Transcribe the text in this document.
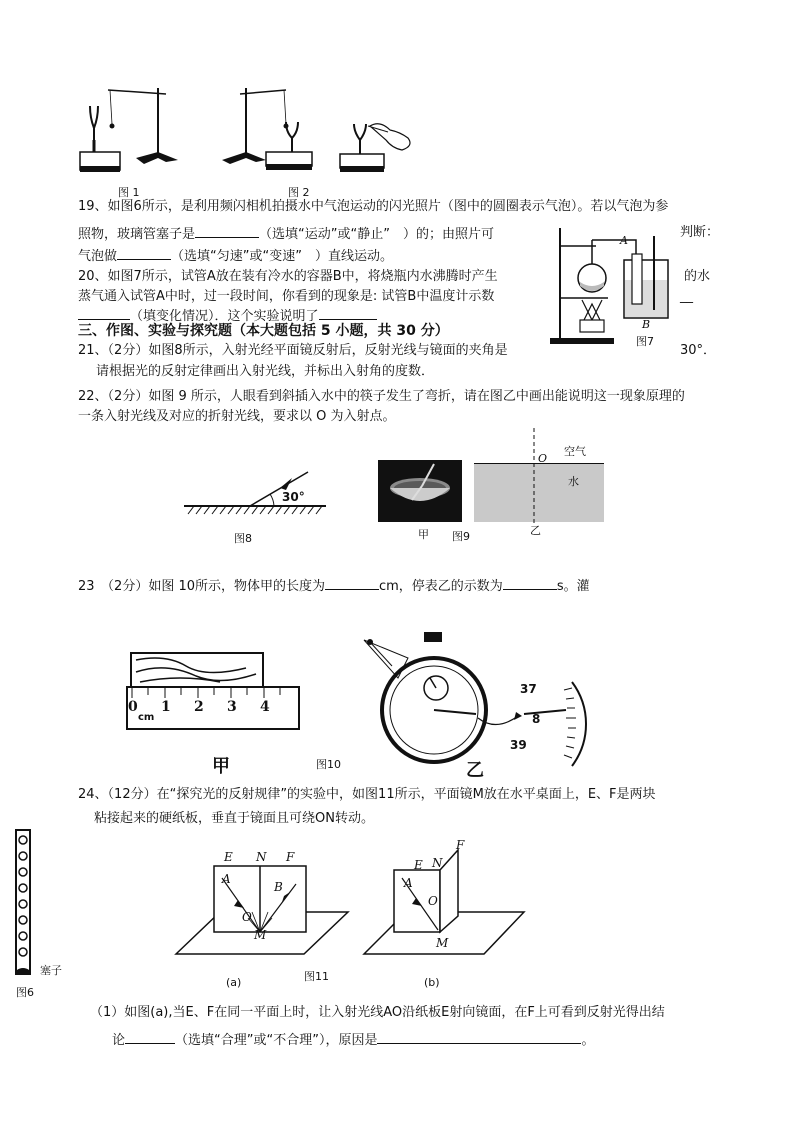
图 1	图 2
19、如图6所示，是利用频闪相机拍摄水中气泡运动的闪光照片（图中的圆圈表示气泡）。若以气泡为参
照物，玻璃管塞子是	（选填“运动”或“静止”　）的；由照片可	判断：
气泡做	（选填“匀速”或“变速”　）直线运动。
A
B
图7
20、如图7所示，试管A放在装有冷水的容器B中，将烧瓶内水沸腾时产生	的水
蒸气通入试管A中时，过一段时间，你看到的现象是: 试管B中温度计示数	__
（填变化情况）．这个实验说明了
三、作图、实验与探究题（本大题包括 5 小题，共 30 分）
21、（2分）如图8所示，入射光经平面镜反射后，反射光线与镜面的夹角是	30°．
请根据光的反射定律画出入射光线，并标出入射角的度数．
22、（2分）如图 9 所示，人眼看到斜插入水中的筷子发生了弯折，请在图乙中画出能说明这一现象原理的
一条入射光线及对应的折射光线，要求以 O 为入射点。
30°
图8	甲 图9
O
空气
水
乙
23　（2分）如图 10所示，物体甲的长度为	cm，停表乙的示数为	s。灌
0 1 2 3 4
cm
甲	图10
37
8
39
乙
24、（12分）在“探究光的反射规律”的实验中，如图11所示，平面镜M放在水平桌面上，E、F是两块
粘接起来的硬纸板，垂直于镜面且可绕ON转动。
塞子
图6
E N F
A
B
O
M
(a)	图11
E N
F
A
O
M
(b)
（1）如图(a),当E、F在同一平面上时，让入射光线AO沿纸板E射向镜面，在F上可看到反射光得出结
论	（选填“合理”或“不合理”），原因是	。
